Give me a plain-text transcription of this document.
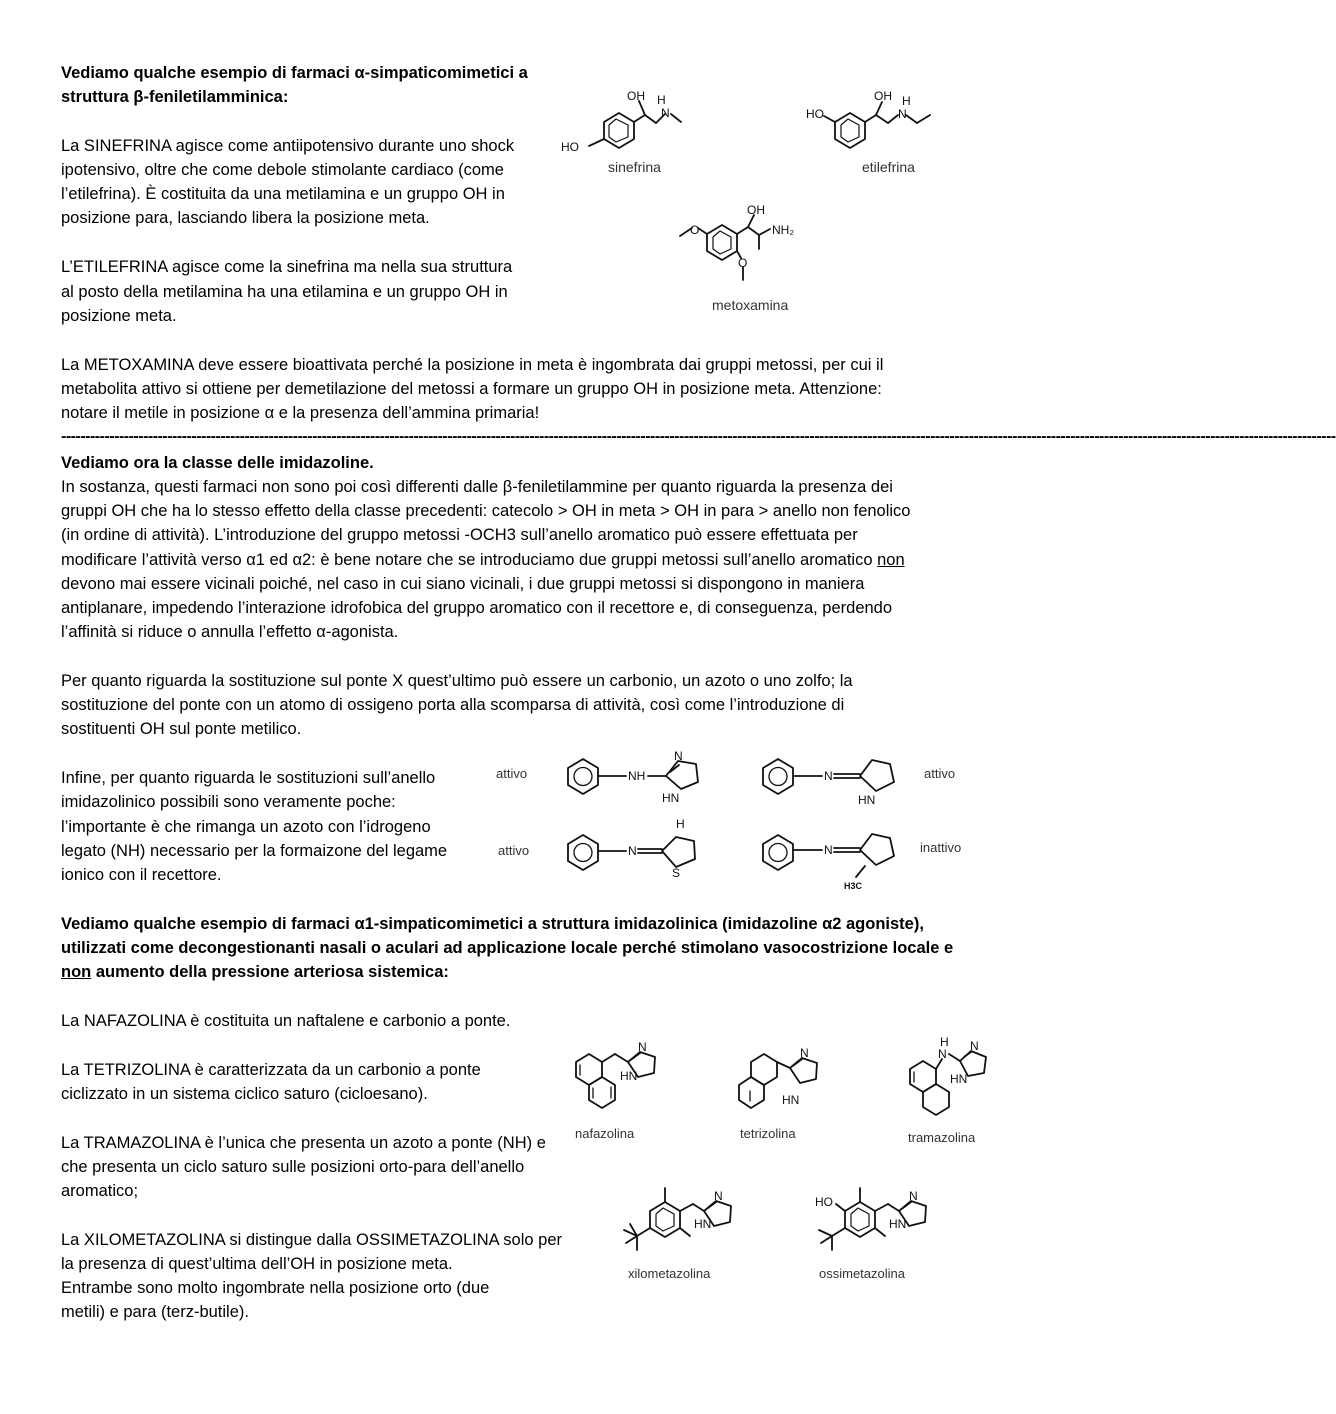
Vediamo qualche esempio di farmaci α-simpaticomimetici a

struttura β-feniletilamminica:

La SINEFRINA agisce come antiipotensivo durante uno shock

ipotensivo, oltre che come debole stimolante cardiaco (come

l’etilefrina). È costituita da una metilamina e un gruppo OH in

posizione para, lasciando libera la posizione meta.

L’ETILEFRINA agisce come la sinefrina ma nella sua struttura

al posto della metilamina ha una etilamina e un gruppo OH in

posizione meta.

La METOXAMINA deve essere bioattivata perché la posizione in meta è ingombrata dai gruppi metossi, per cui il

metabolita attivo si ottiene per demetilazione del metossi a formare un gruppo OH in posizione meta. Attenzione:

notare il metile in posizione α e la presenza dell’ammina primaria!

HO
OH H
N
sinefrina
HO
OH H
N
etilefrina
O
O
OH
NH₂
metoxamina
------------------------------------------------------------------------------------------------------------------------------------------------------------------------------------------------------------------------------------------------------------------------

Vediamo ora la classe delle imidazoline.

In sostanza, questi farmaci non sono poi così differenti dalle β-feniletilammine per quanto riguarda la presenza dei

gruppi OH che ha lo stesso effetto della classe precedenti: catecolo > OH in meta > OH in para > anello non fenolico

(in ordine di attività). L’introduzione del gruppo metossi -OCH3 sull’anello aromatico può essere effettuata per

modificare l’attività verso α1 ed α2: è bene notare che se introduciamo due gruppi metossi sull’anello aromatico non

devono mai essere vicinali poiché, nel caso in cui siano vicinali, i due gruppi metossi si dispongono in maniera

antiplanare, impedendo l’interazione idrofobica del gruppo aromatico con il recettore e, di conseguenza, perdendo

l’affinità si riduce o annulla l’effetto α-agonista.

Per quanto riguarda la sostituzione sul ponte X quest’ultimo può essere un carbonio, un azoto o uno zolfo; la

sostituzione del ponte con un atomo di ossigeno porta alla scomparsa di attività, così come l’introduzione di

sostituenti OH sul ponte metilico.

Infine, per quanto riguarda le sostituzioni sull’anello

imidazolinico possibili sono veramente poche:

l’importante è che rimanga un azoto con l’idrogeno

legato (NH) necessario per la formaizone del legame

ionico con il recettore.

attivo	NH
N
HN
N
HN
attivo
attivo	N
H
S
N
H3C
inattivo

Vediamo qualche esempio di farmaci α1-simpaticomimetici a struttura imidazolinica (imidazoline α2 agoniste),

utilizzati come decongestionanti nasali o aculari ad applicazione locale perché stimolano vasocostrizione locale e

non aumento della pressione arteriosa sistemica:

La NAFAZOLINA è costituita un naftalene e carbonio a ponte.

La TETRIZOLINA è caratterizzata da un carbonio a ponte

ciclizzato in un sistema ciclico saturo (cicloesano).

La TRAMAZOLINA è l’unica che presenta un azoto a ponte (NH) e

che presenta un ciclo saturo sulle posizioni orto-para dell’anello

aromatico;

La XILOMETAZOLINA si distingue dalla OSSIMETAZOLINA solo per

la presenza di quest’ultima dell’OH in posizione meta.

Entrambe sono molto ingombrate nella posizione orto (due

metili) e para (terz-butile).

N
HN
nafazolina
N
HN
tetrizolina
H
N
N
HN
tramazolina
N
HN
xilometazolina
HO	N
HN
ossimetazolina
